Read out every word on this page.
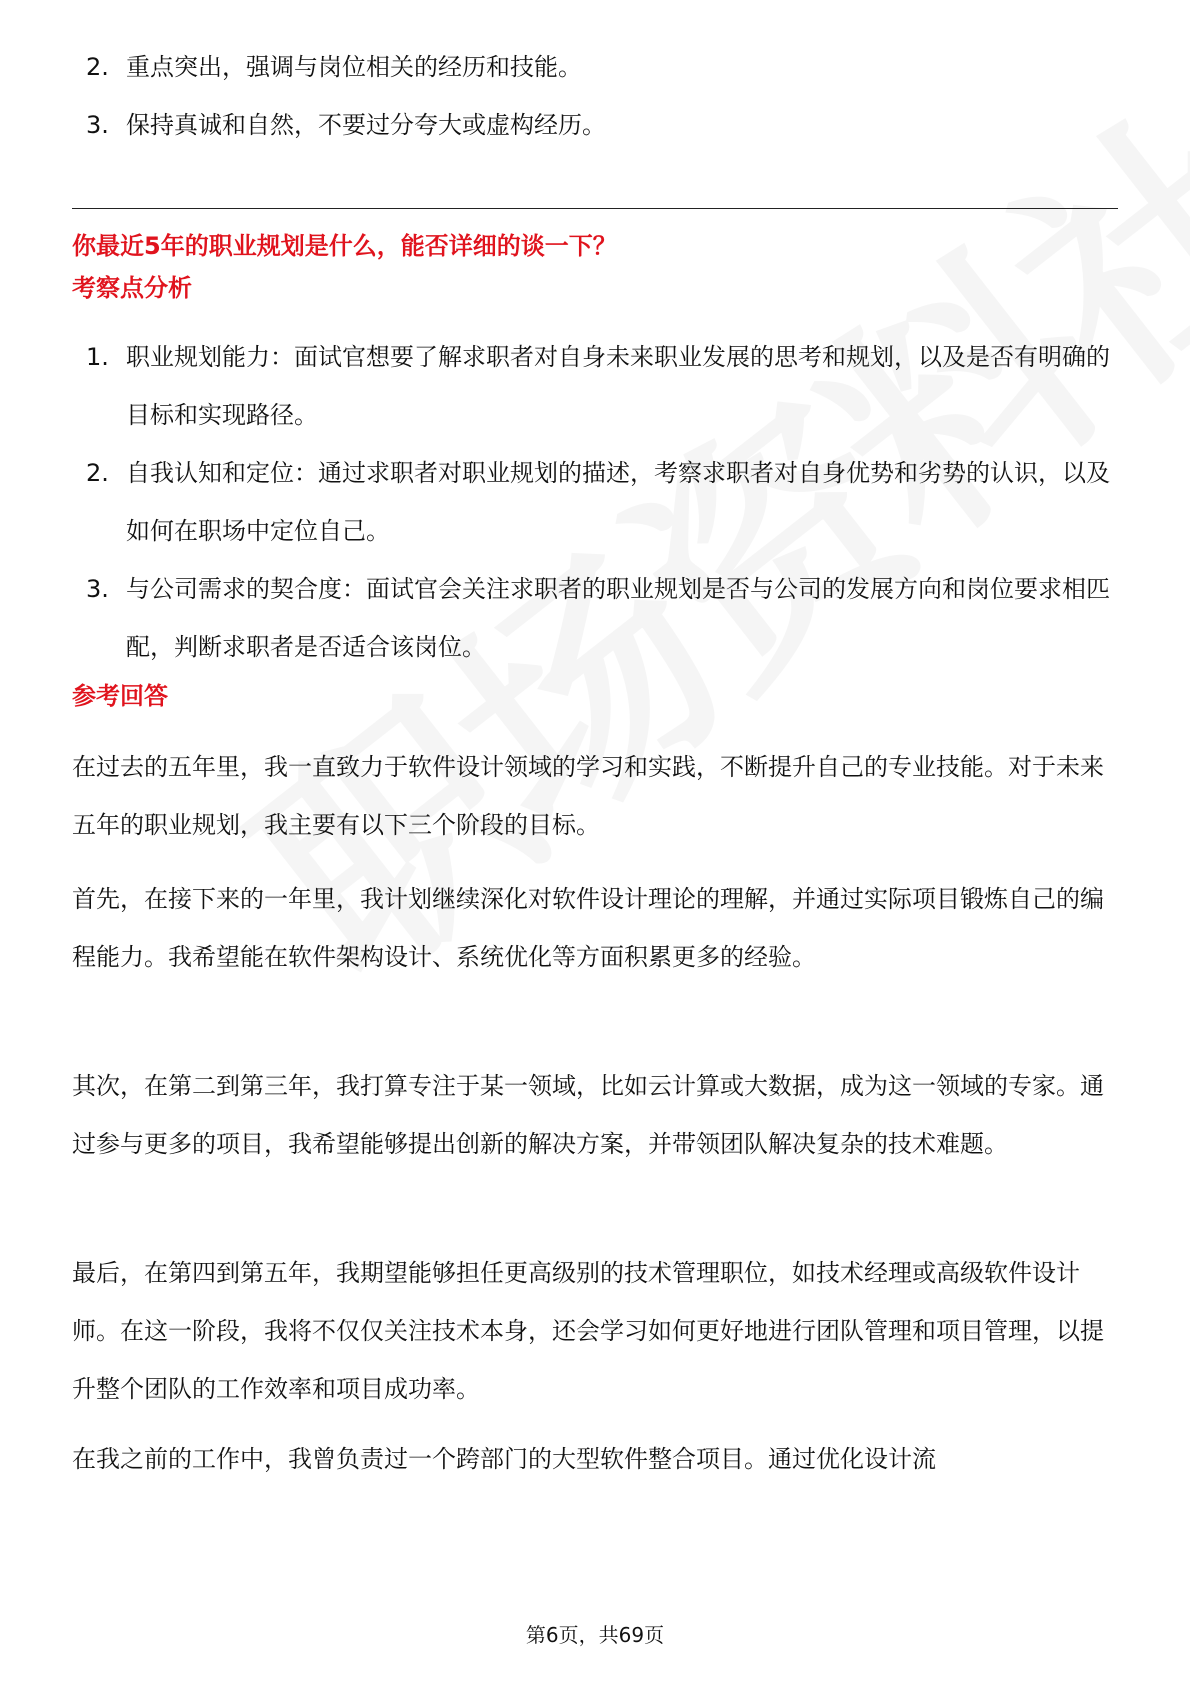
2. 重点突出，强调与岗位相关的经历和技能。
3. 保持真诚和自然，不要过分夸大或虚构经历。
你最近5年的职业规划是什么，能否详细的谈一下？
考察点分析
1. 职业规划能力：面试官想要了解求职者对自身未来职业发展的思考和规划，以及是否有明确的目标和实现路径。
2. 自我认知和定位：通过求职者对职业规划的描述，考察求职者对自身优势和劣势的认识，以及如何在职场中定位自己。
3. 与公司需求的契合度：面试官会关注求职者的职业规划是否与公司的发展方向和岗位要求相匹配，判断求职者是否适合该岗位。
参考回答

在过去的五年里，我一直致力于软件设计领域的学习和实践，不断提升自己的专业技能。对于未来五年的职业规划，我主要有以下三个阶段的目标。

首先，在接下来的一年里，我计划继续深化对软件设计理论的理解，并通过实际项目锻炼自己的编程能力。我希望能在软件架构设计、系统优化等方面积累更多的经验。

其次，在第二到第三年，我打算专注于某一领域，比如云计算或大数据，成为这一领域的专家。通过参与更多的项目，我希望能够提出创新的解决方案，并带领团队解决复杂的技术难题。

最后，在第四到第五年，我期望能够担任更高级别的技术管理职位，如技术经理或高级软件设计师。在这一阶段，我将不仅仅关注技术本身，还会学习如何更好地进行团队管理和项目管理，以提升整个团队的工作效率和项目成功率。

在我之前的工作中，我曾负责过一个跨部门的大型软件整合项目。通过优化设计流

第6页，共69页
